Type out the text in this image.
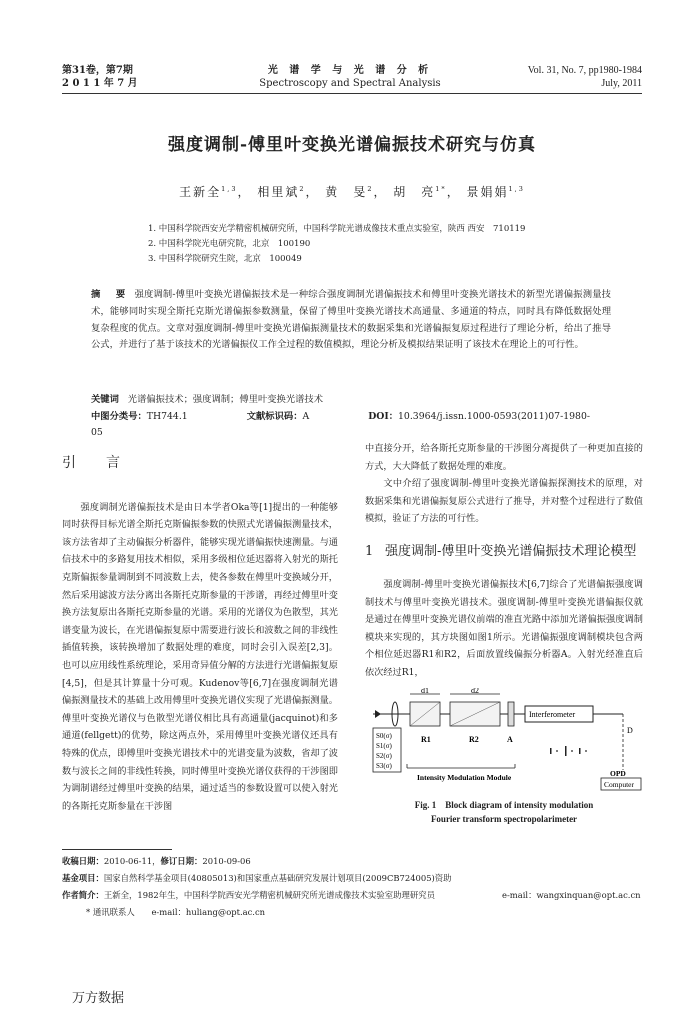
第31卷，第7期
2 0 1 1 年 7 月
光 谱 学 与 光 谱 分 析
Spectroscopy and Spectral Analysis
Vol. 31, No. 7, pp1980-1984
July, 2011
强度调制-傅里叶变换光谱偏振技术研究与仿真
王新全$^{1,3}$， 相里斌$^2$， 黄　旻$^2$， 胡　亮$^{1*}$， 景娟娟$^{1,3}$
1. 中国科学院西安光学精密机械研究所，中国科学院光谱成像技术重点实验室，陕西 西安　710119
2. 中国科学院光电研究院，北京　100190
3. 中国科学院研究生院，北京　100049
摘 要 强度调制-傅里叶变换光谱偏振技术是一种综合强度调制光谱偏振技术和傅里叶变换光谱技术的新型光谱偏振测量技术，能够同时实现全斯托克斯光谱偏振参数测量，保留了傅里叶变换光谱技术高通量、多通道的特点，同时具有降低数据处理复杂程度的优点。文章对强度调制-傅里叶变换光谱偏振测量技术的数据采集和光谱偏振复原过程进行了理论分析，给出了推导公式，并进行了基于该技术的光谱偏振仪工作全过程的数值模拟，理论分析及模拟结果证明了该技术在理论上的可行性。
关键词 光谱偏振技术；强度调制；傅里叶变换光谱技术
中图分类号：TH744.1	文献标识码：A	DOI：10.3964/j.issn.1000-0593(2011)07-1980-05
引　言

强度调制光谱偏振技术是由日本学者Oka等[1]提出的一种能够同时获得目标光谱全斯托克斯偏振参数的快照式光谱偏振测量技术，该方法省却了主动偏振分析器件，能够实现光谱偏振快速测量。与通信技术中的多路复用技术相似，采用多级相位延迟器将入射光的斯托克斯偏振参量调制到不同波数上去，使各参数在傅里叶变换域分开，然后采用滤波方法分离出各斯托克斯参量的干涉谱，再经过傅里叶变换方法复原出各斯托克斯参量的光谱。采用的光谱仪为色散型，其光谱变量为波长，在光谱偏振复原中需要进行波长和波数之间的非线性插值转换，该转换增加了数据处理的难度，同时会引入误差[2,3]。也可以应用线性系统理论，采用奇异值分解的方法进行光谱偏振复原[4,5]，但是其计算量十分可观。Kudenov等[6,7]在强度调制光谱偏振测量技术的基础上改用傅里叶变换光谱仪实现了光谱偏振测量。傅里叶变换光谱仪与色散型光谱仪相比具有高通量(jacquinot)和多通道(fellgett)的优势，除这两点外，采用傅里叶变换光谱仪还具有特殊的优点，即傅里叶变换光谱技术中的光谱变量为波数，省却了波数与波长之间的非线性转换，同时傅里叶变换光谱仪获得的干涉图即为调制谱经过傅里叶变换的结果，通过适当的参数设置可以使入射光的各斯托克斯参量在干涉图

中直接分开，给各斯托克斯参量的干涉图分离提供了一种更加直接的方式，大大降低了数据处理的难度。

文中介绍了强度调制-傅里叶变换光谱偏振探测技术的原理，对数据采集和光谱偏振复原公式进行了推导，并对整个过程进行了数值模拟，验证了方法的可行性。

1 强度调制-傅里叶变换光谱偏振技术理论模型

强度调制-傅里叶变换光谱偏振技术[6,7]综合了光谱偏振强度调制技术与傅里叶变换光谱技术。强度调制-傅里叶变换光谱偏振仪就是通过在傅里叶变换光谱仪前端的准直光路中添加光谱偏振强度调制模块来实现的，其方块图如图1所示。光谱偏振强度调制模块包含两个相位延迟器R1和R2，后面放置线偏振分析器A。入射光经准直后依次经过R1，

d1	d2
Interferometer
D
S0(σ)
S1(σ)
S2(σ)
S3(σ)
R1	R2	A
Intensity Modulation Module	OPD
Computer
Fig. 1　Block diagram of intensity modulation
Fourier transform spectropolarimeter
收稿日期：2010-06-11，修订日期：2010-09-06
基金项目：国家自然科学基金项目(40805013)和国家重点基础研究发展计划项目(2009CB724005)资助
作者简介：王新全，1982年生，中国科学院西安光学精密机械研究所光谱成像技术实验室助理研究员	e-mail：wangxinquan@opt.ac.cn
* 通讯联系人　　e-mail：huliang@opt.ac.cn
万方数据
